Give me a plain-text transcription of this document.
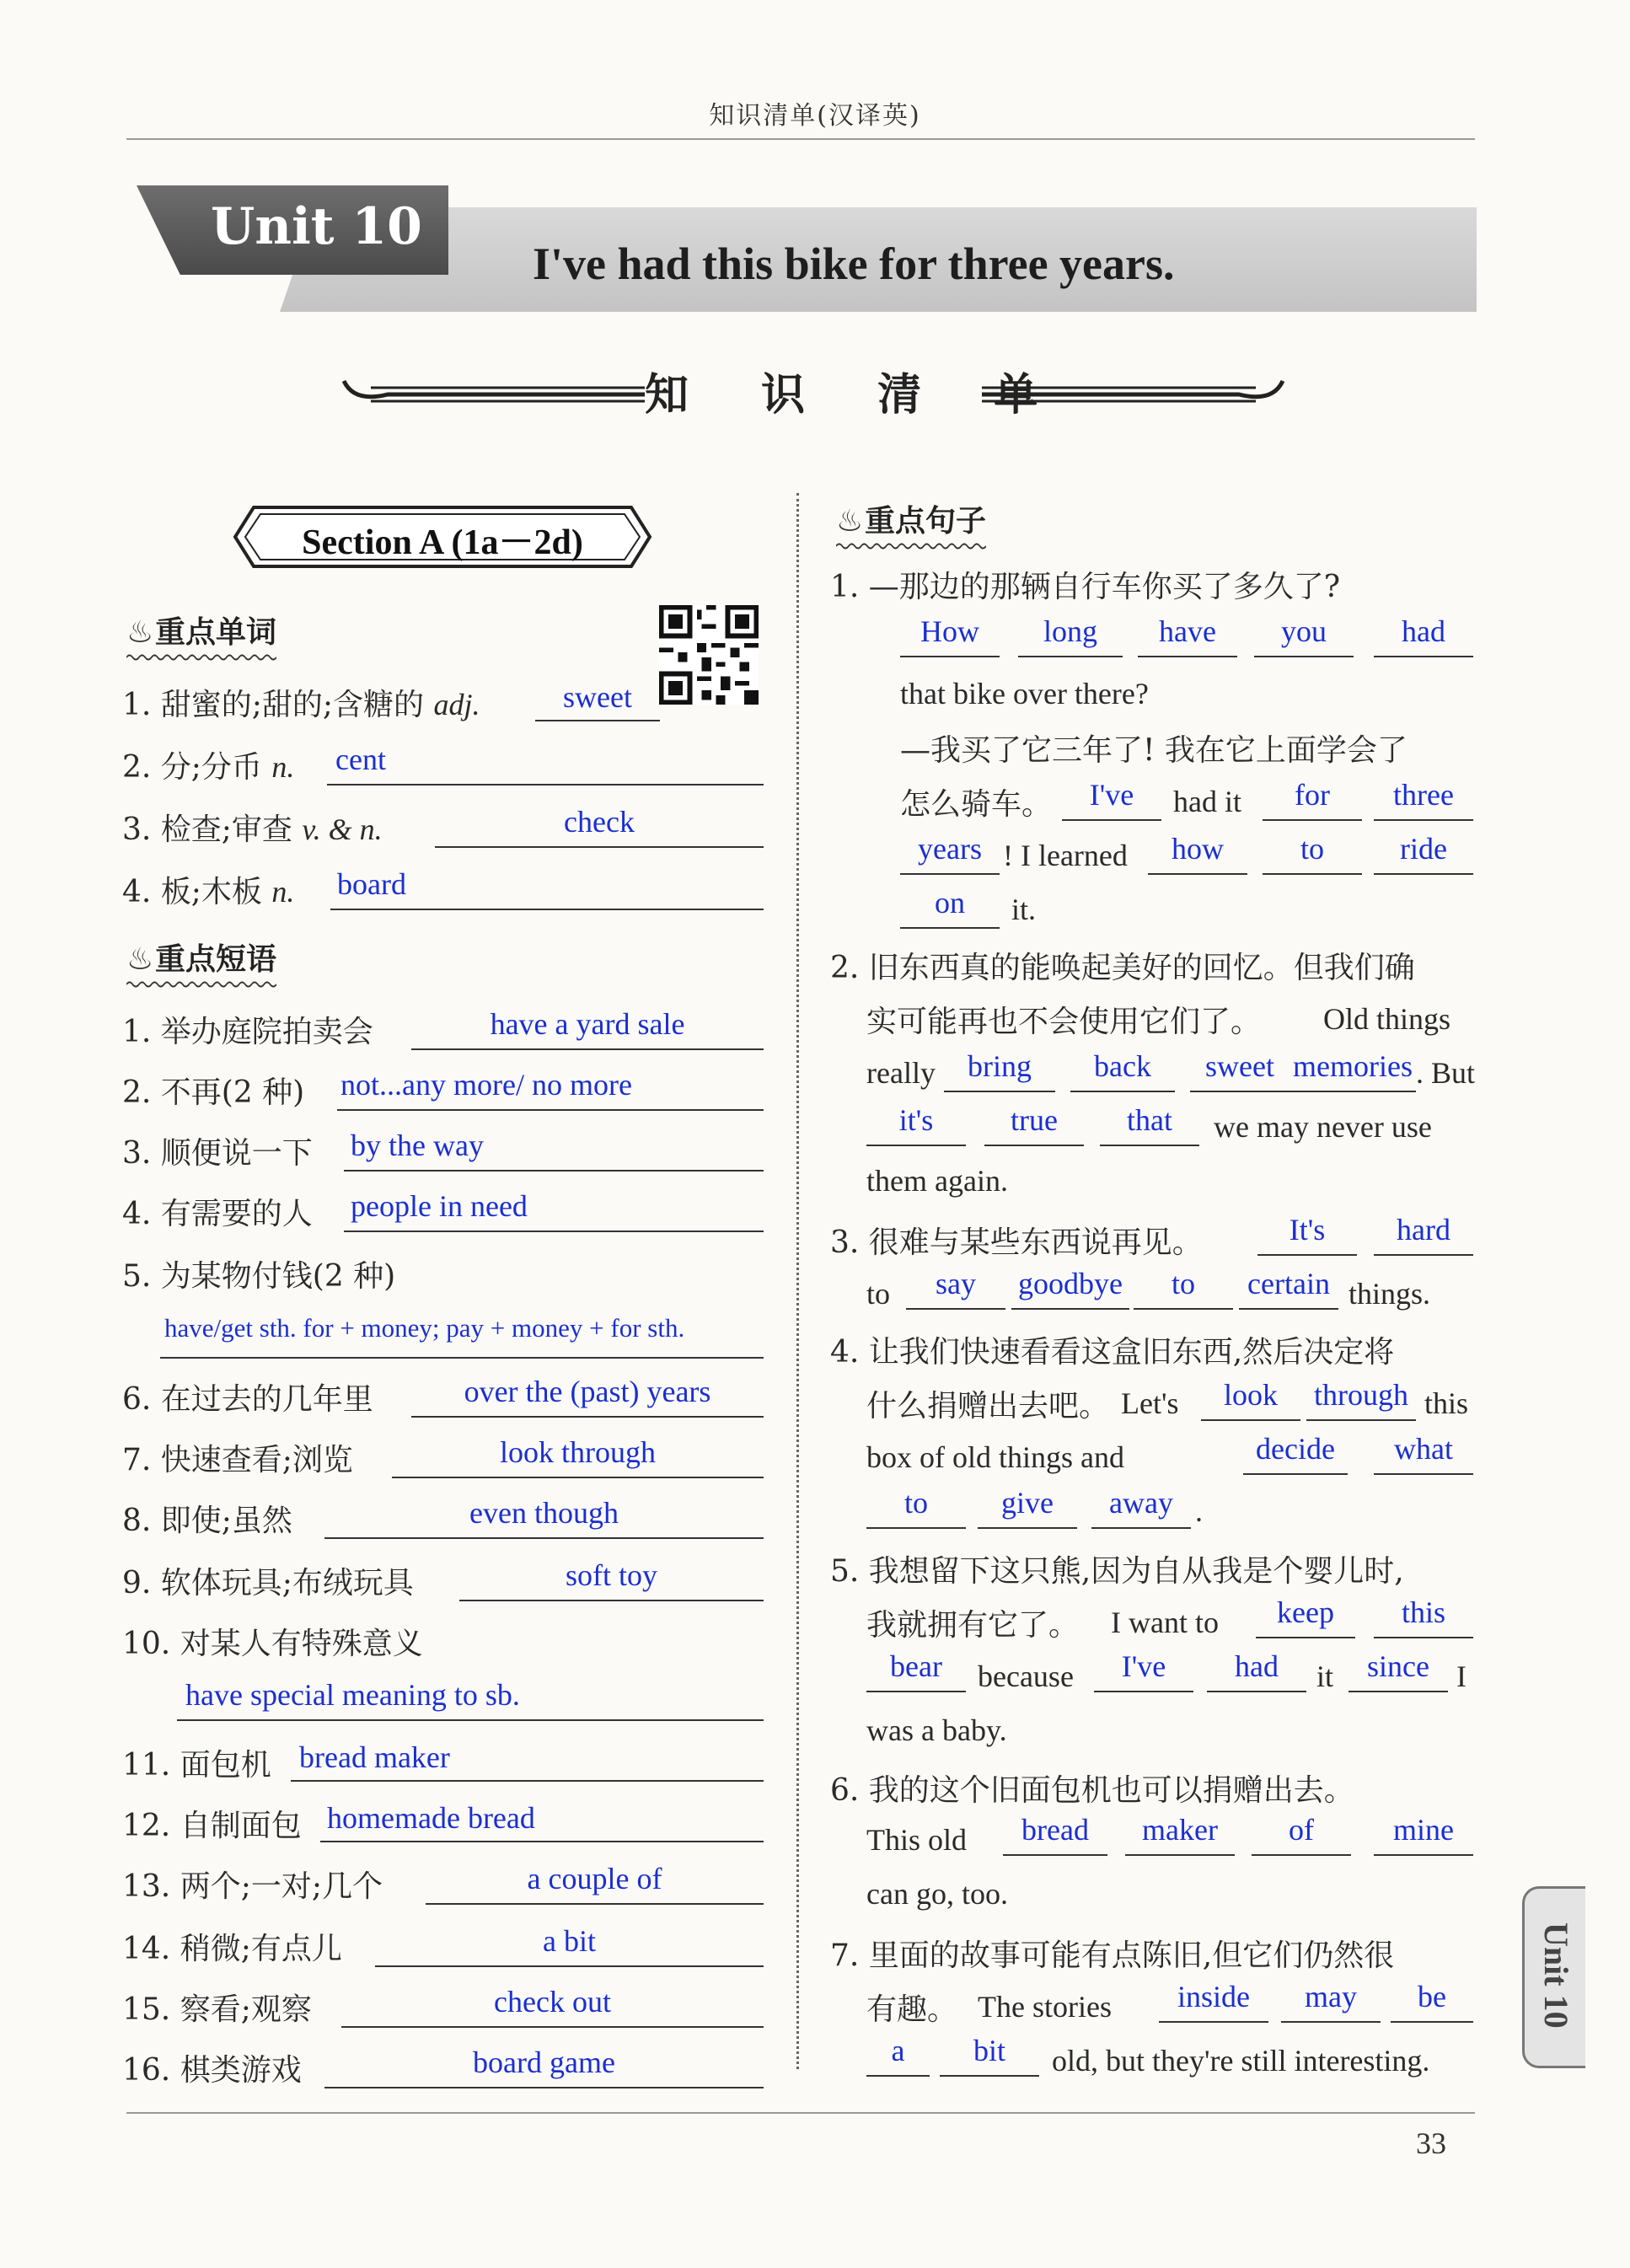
知识清单(汉译英)
Unit 10
I've had this bike for three years.
知 识 清 单
Section A (1a－2d)
♨重点单词
1. 甜蜜的;甜的;含糖的 adj.	sweet
2. 分;分币 n. cent
3. 检查;审查 v. & n.	check
4. 板;木板 n. board
♨重点短语
1. 举办庭院拍卖会	have a yard sale
2. 不再(2 种) not...any more/ no more
3. 顺便说一下 by the way
4. 有需要的人 people in need
5. 为某物付钱(2 种)
have/get sth. for + money; pay + money + for sth.
6. 在过去的几年里	over the (past) years
7. 快速查看;浏览	look through
8. 即使;虽然	even though
9. 软体玩具;布绒玩具	soft toy
10. 对某人有特殊意义
have special meaning to sb.
11. 面包机 bread maker
12. 自制面包 homemade bread
13. 两个;一对;几个	a couple of
14. 稍微;有点儿	a bit
15. 察看;观察	check out
16. 棋类游戏	board game
♨重点句子
1. —那边的那辆自行车你买了多久了?
How	long	have	you	had
that bike over there?
—我买了它三年了! 我在它上面学会了
怎么骑车。	I've	had it	for	three
years ! I learned	how	to	ride
on	it.
2. 旧东西真的能唤起美好的回忆。但我们确
实可能再也不会使用它们了。 Old things
really	bring	back	sweet memories . But
it's	true	that	we may never use
them again.
3. 很难与某些东西说再见。	It's	hard
to	say	goodbye	to	certain things.
4. 让我们快速看看这盒旧东西,然后决定将
什么捐赠出去吧。 Let's	look	through this
box of old things and	decide	what
to	give	away .
5. 我想留下这只熊,因为自从我是个婴儿时,
我就拥有它了。 I want to	keep	this
bear	because	I've	had	it	since I
was a baby.
6. 我的这个旧面包机也可以捐赠出去。
This old	bread	maker	of	mine
can go, too.
7. 里面的故事可能有点陈旧,但它们仍然很
有趣。 The stories	inside	may	be
a	bit	old, but they're still interesting.
Unit 10
33
